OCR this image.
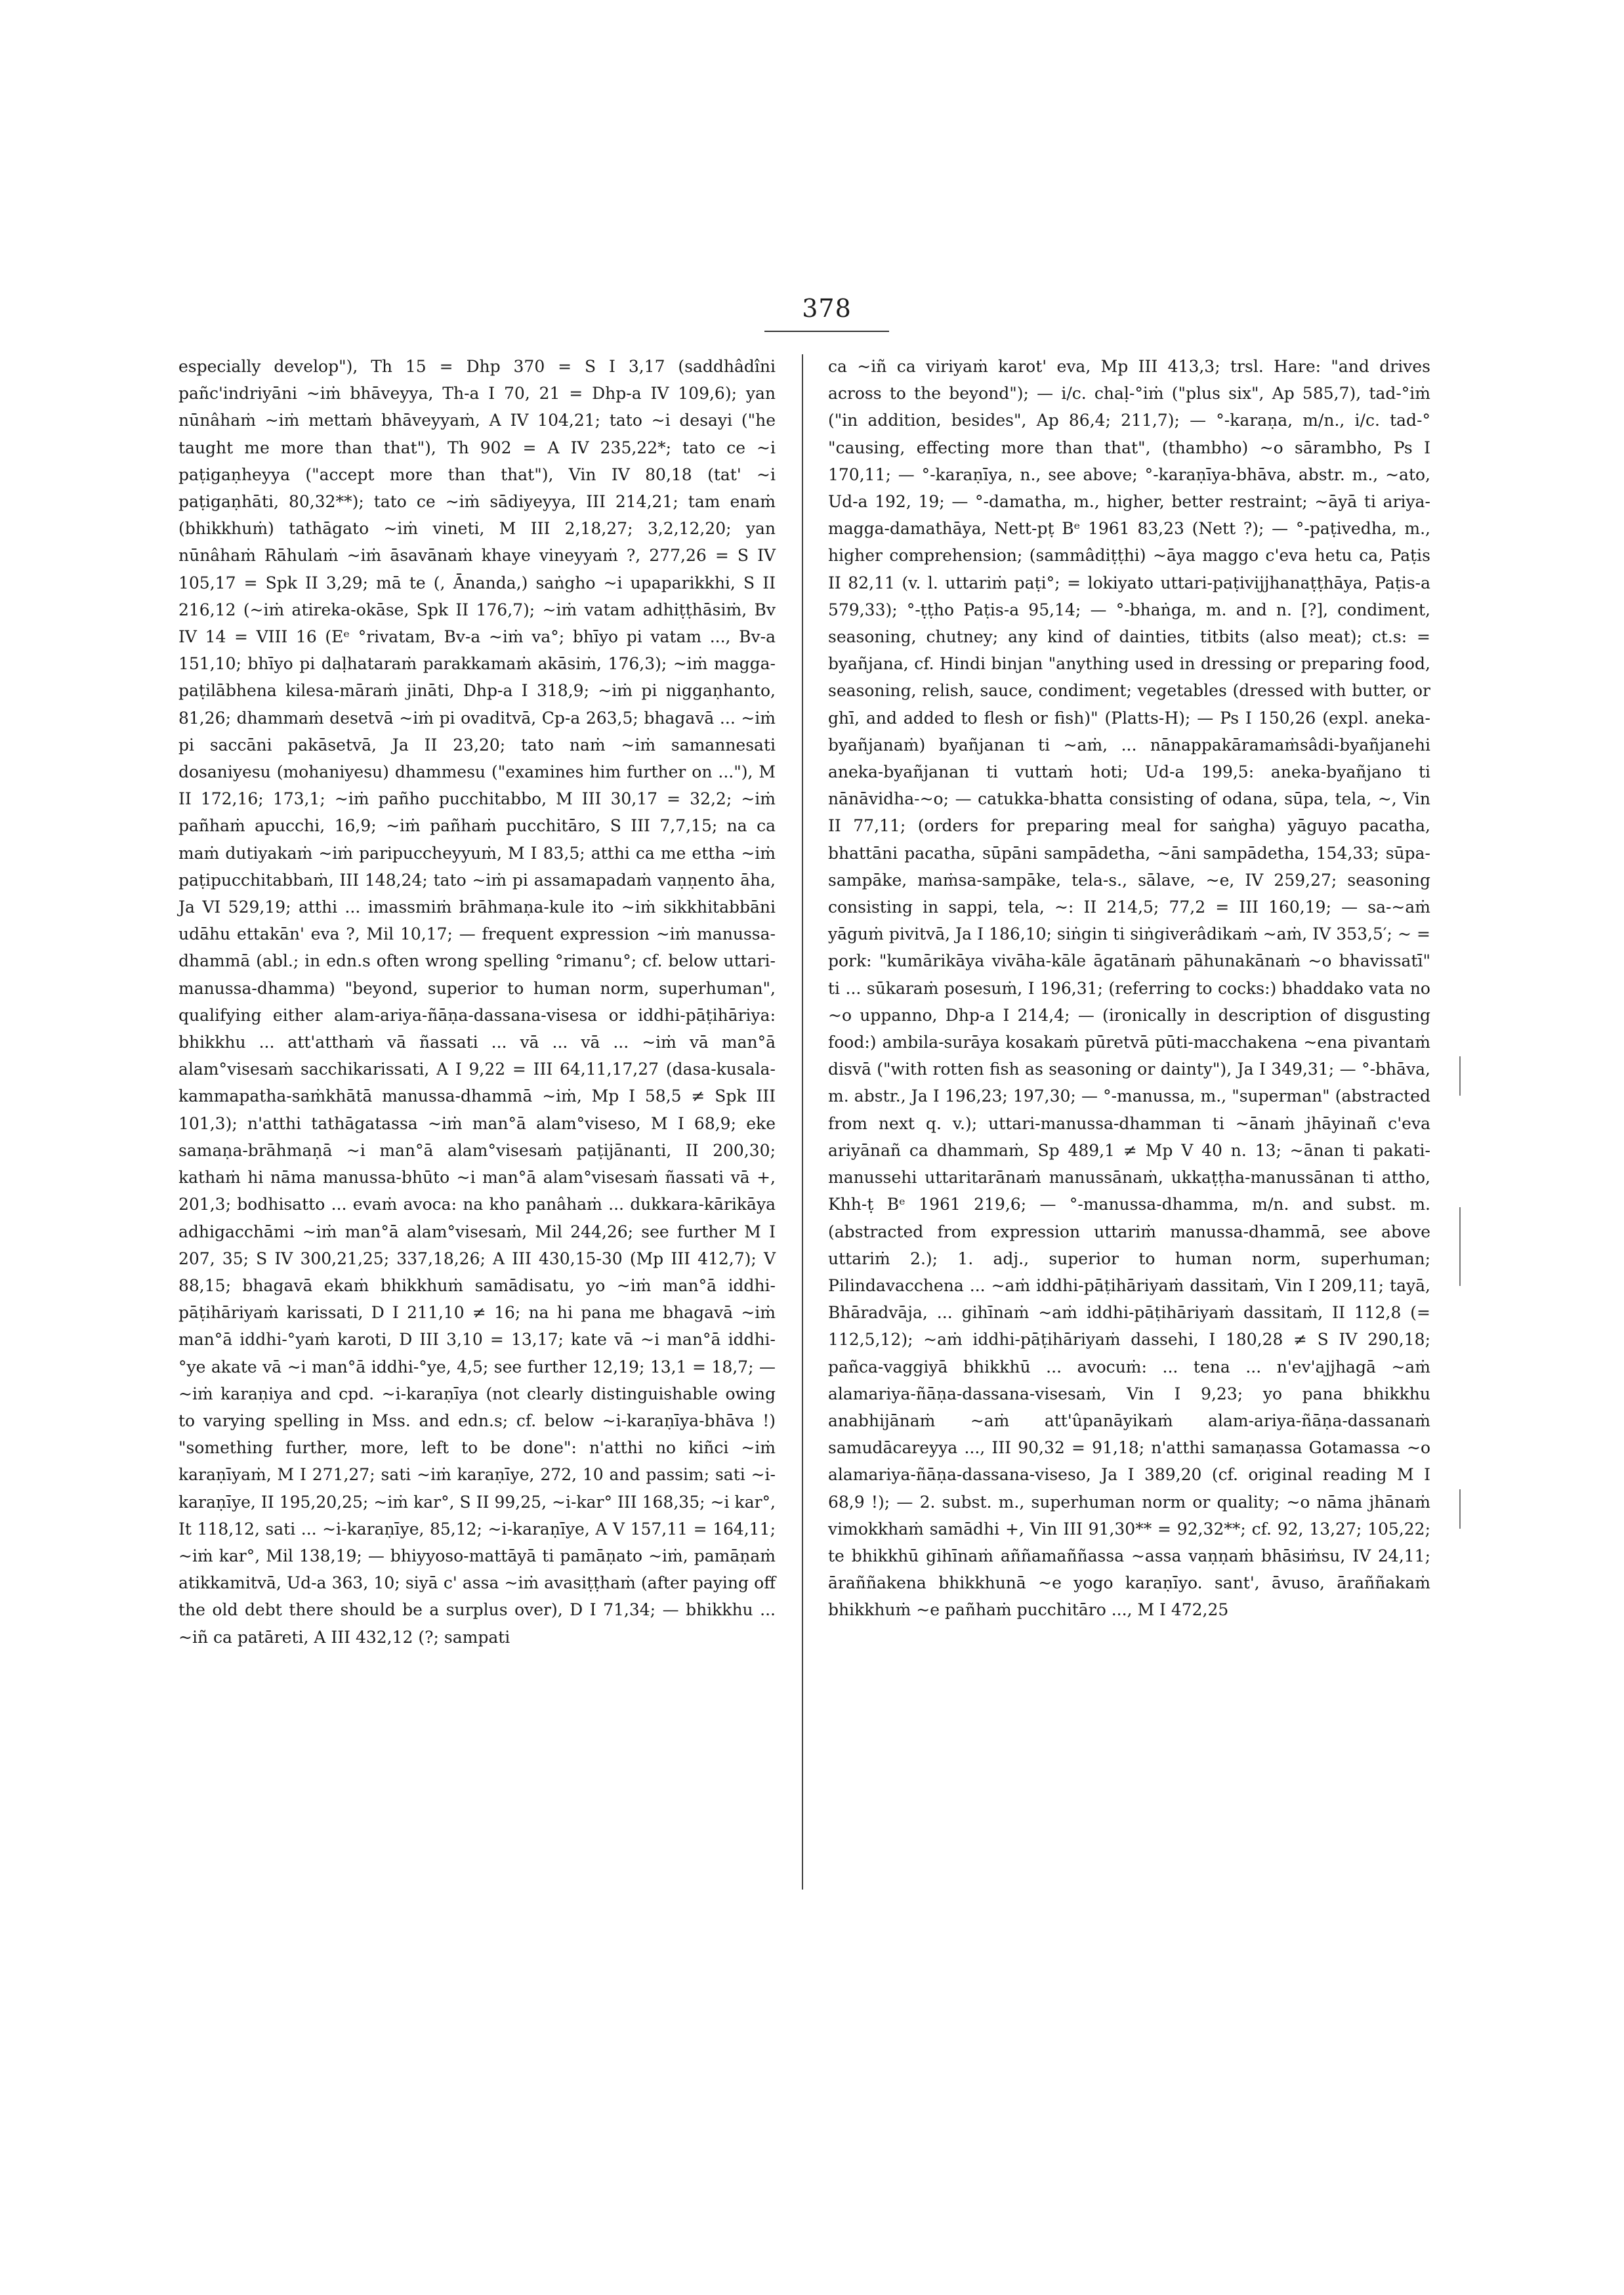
378

especially develop"), Th 15 = Dhp 370 = S I 3,17 (saddhâdîni pañc'indriyāni ~iṁ bhāveyya, Th-a I 70, 21 = Dhp-a IV 109,6); yan nūnâhaṁ ~iṁ mettaṁ bhāveyyaṁ, A IV 104,21; tato ~i desayi ("he taught me more than that"), Th 902 = A IV 235,22*; tato ce ~i paṭigaṇheyya ("accept more than that"), Vin IV 80,18 (tat' ~i paṭigaṇhāti, 80,32**); tato ce ~iṁ sādiyeyya, III 214,21; tam enaṁ (bhikkhuṁ) tathāgato ~iṁ vineti, M III 2,18,27; 3,2,12,20; yan nūnâhaṁ Rāhulaṁ ~iṁ āsavānaṁ khaye vineyyaṁ ?, 277,26 = S IV 105,17 = Spk II 3,29; mā te (, Ānanda,) saṅgho ~i upaparikkhi, S II 216,12 (~iṁ atireka-okāse, Spk II 176,7); ~iṁ vatam adhiṭṭhāsiṁ, Bv IV 14 = VIII 16 (Eᵉ °rivatam, Bv-a ~iṁ va°; bhīyo pi vatam ..., Bv-a 151,10; bhīyo pi daḷhataraṁ parakkamaṁ akāsiṁ, 176,3); ~iṁ magga-paṭilābhena kilesa-māraṁ jināti, Dhp-a I 318,9; ~iṁ pi niggaṇhanto, 81,26; dhammaṁ desetvā ~iṁ pi ovaditvā, Cp-a 263,5; bhagavā ... ~iṁ pi saccāni pakāsetvā, Ja II 23,20; tato naṁ ~iṁ samannesati dosaniyesu (mohaniyesu) dhammesu ("examines him further on ..."), M II 172,16; 173,1; ~iṁ pañho pucchitabbo, M III 30,17 = 32,2; ~iṁ pañhaṁ apucchi, 16,9; ~iṁ pañhaṁ pucchitāro, S III 7,7,15; na ca maṁ dutiyakaṁ ~iṁ paripuccheyyuṁ, M I 83,5; atthi ca me ettha ~iṁ paṭipucchitabbaṁ, III 148,24; tato ~iṁ pi assamapadaṁ vaṇṇento āha, Ja VI 529,19; atthi ... imassmiṁ brāhmaṇa-kule ito ~iṁ sikkhitabbāni udāhu ettakān' eva ?, Mil 10,17; — frequent expression ~iṁ manussa-dhammā (abl.; in edn.s often wrong spelling °rimanu°; cf. below uttari-manussa-dhamma) "beyond, superior to human norm, superhuman", qualifying either alam-ariya-ñāṇa-dassana-visesa or iddhi-pāṭihāriya: bhikkhu ... att'atthaṁ vā ñassati ... vā ... vā ... ~iṁ vā man°ā alam°visesaṁ sacchikarissati, A I 9,22 = III 64,11,17,27 (dasa-kusala-kammapatha-saṁkhātā manussa-dhammā ~iṁ, Mp I 58,5 ≠ Spk III 101,3); n'atthi tathāgatassa ~iṁ man°ā alam°viseso, M I 68,9; eke samaṇa-brāhmaṇā ~i man°ā alam°visesaṁ paṭijānanti, II 200,30; kathaṁ hi nāma manussa-bhūto ~i man°ā alam°visesaṁ ñassati vā +, 201,3; bodhisatto ... evaṁ avoca: na kho panâhaṁ ... dukkara-kārikāya adhigacchāmi ~iṁ man°ā alam°visesaṁ, Mil 244,26; see further M I 207, 35; S IV 300,21,25; 337,18,26; A III 430,15-30 (Mp III 412,7); V 88,15; bhagavā ekaṁ bhikkhuṁ samādisatu, yo ~iṁ man°ā iddhi-pāṭihāriyaṁ karissati, D I 211,10 ≠ 16; na hi pana me bhagavā ~iṁ man°ā iddhi-°yaṁ karoti, D III 3,10 = 13,17; kate vā ~i man°ā iddhi-°ye akate vā ~i man°ā iddhi-°ye, 4,5; see further 12,19; 13,1 = 18,7; — ~iṁ karaṇiya and cpd. ~i-karaṇīya (not clearly distinguishable owing to varying spelling in Mss. and edn.s; cf. below ~i-karaṇīya-bhāva !) "something further, more, left to be done": n'atthi no kiñci ~iṁ karaṇīyaṁ, M I 271,27; sati ~iṁ karaṇīye, 272, 10 and passim; sati ~i-karaṇīye, II 195,20,25; ~iṁ kar°, S II 99,25, ~i-kar° III 168,35; ~i kar°, It 118,12, sati ... ~i-karaṇīye, 85,12; ~i-karaṇīye, A V 157,11 = 164,11; ~iṁ kar°, Mil 138,19; — bhiyyoso-mattāyā ti pamāṇato ~iṁ, pamāṇaṁ atikkamitvā, Ud-a 363, 10; siyā c' assa ~iṁ avasiṭṭhaṁ (after paying off the old debt there should be a surplus over), D I 71,34; — bhikkhu ... ~iñ ca patāreti, A III 432,12 (?; sampati

ca ~iñ ca viriyaṁ karot' eva, Mp III 413,3; trsl. Hare: "and drives across to the beyond"); — i/c. chaḷ-°iṁ ("plus six", Ap 585,7), tad-°iṁ ("in addition, besides", Ap 86,4; 211,7); — °-karaṇa, m/n., i/c. tad-° "causing, effecting more than that", (thambho) ~o sārambho, Ps I 170,11; — °-karaṇīya, n., see above; °-karaṇīya-bhāva, abstr. m., ~ato, Ud-a 192, 19; — °-damatha, m., higher, better restraint; ~āyā ti ariya-magga-damathāya, Nett-pṭ Bᵉ 1961 83,23 (Nett ?); — °-paṭivedha, m., higher comprehension; (sammâdiṭṭhi) ~āya maggo c'eva hetu ca, Paṭis II 82,11 (v. l. uttariṁ paṭi°; = lokiyato uttari-paṭivijjhanaṭṭhāya, Paṭis-a 579,33); °-ṭṭho Paṭis-a 95,14; — °-bhaṅga, m. and n. [?], condiment, seasoning, chutney; any kind of dainties, titbits (also meat); ct.s: = byañjana, cf. Hindi binjan "anything used in dressing or preparing food, seasoning, relish, sauce, condiment; vegetables (dressed with butter, or ghī, and added to flesh or fish)" (Platts-H); — Ps I 150,26 (expl. aneka-byañjanaṁ) byañjanan ti ~aṁ, ... nānappakāramaṁsâdi-byañjanehi aneka-byañjanan ti vuttaṁ hoti; Ud-a 199,5: aneka-byañjano ti nānāvidha-~o; — catukka-bhatta consisting of odana, sūpa, tela, ~, Vin II 77,11; (orders for preparing meal for saṅgha) yāguyo pacatha, bhattāni pacatha, sūpāni sampādetha, ~āni sampādetha, 154,33; sūpa-sampāke, maṁsa-sampāke, tela-s., sālave, ~e, IV 259,27; seasoning consisting in sappi, tela, ~: II 214,5; 77,2 = III 160,19; — sa-~aṁ yāguṁ pivitvā, Ja I 186,10; siṅgin ti siṅgiverâdikaṁ ~aṁ, IV 353,5′; ~ = pork: "kumārikāya vivāha-kāle āgatānaṁ pāhunakānaṁ ~o bhavissatī" ti ... sūkaraṁ posesuṁ, I 196,31; (referring to cocks:) bhaddako vata no ~o uppanno, Dhp-a I 214,4; — (ironically in description of disgusting food:) ambila-surāya kosakaṁ pūretvā pūti-macchakena ~ena pivantaṁ disvā ("with rotten fish as seasoning or dainty"), Ja I 349,31; — °-bhāva, m. abstr., Ja I 196,23; 197,30; — °-manussa, m., "superman" (abstracted from next q. v.); uttari-manussa-dhamman ti ~ānaṁ jhāyinañ c'eva ariyānañ ca dhammaṁ, Sp 489,1 ≠ Mp V 40 n. 13; ~ānan ti pakati-manussehi uttaritarānaṁ manussānaṁ, ukkaṭṭha-manussānan ti attho, Khh-ṭ Bᵉ 1961 219,6; — °-manussa-dhamma, m/n. and subst. m. (abstracted from expression uttariṁ manussa-dhammā, see above uttariṁ 2.); 1. adj., superior to human norm, superhuman; Pilindavacchena ... ~aṁ iddhi-pāṭihāriyaṁ dassitaṁ, Vin I 209,11; tayā, Bhāradvāja, ... gihīnaṁ ~aṁ iddhi-pāṭihāriyaṁ dassitaṁ, II 112,8 (= 112,5,12); ~aṁ iddhi-pāṭihāriyaṁ dassehi, I 180,28 ≠ S IV 290,18; pañca-vaggiyā bhikkhū ... avocuṁ: ... tena ... n'ev'ajjhagā ~aṁ alamariya-ñāṇa-dassana-visesaṁ, Vin I 9,23; yo pana bhikkhu anabhijānaṁ ~aṁ att'ûpanāyikaṁ alam-ariya-ñāṇa-dassanaṁ samudācareyya ..., III 90,32 = 91,18; n'atthi samaṇassa Gotamassa ~o alamariya-ñāṇa-dassana-viseso, Ja I 389,20 (cf. original reading M I 68,9 !); — 2. subst. m., superhuman norm or quality; ~o nāma jhānaṁ vimokkhaṁ samādhi +, Vin III 91,30** = 92,32**; cf. 92, 13,27; 105,22; te bhikkhū gihīnaṁ aññamaññassa ~assa vaṇṇaṁ bhāsiṁsu, IV 24,11; āraññakena bhikkhunā ~e yogo karaṇīyo. sant', āvuso, āraññakaṁ bhikkhuṁ ~e pañhaṁ pucchitāro ..., M I 472,25
